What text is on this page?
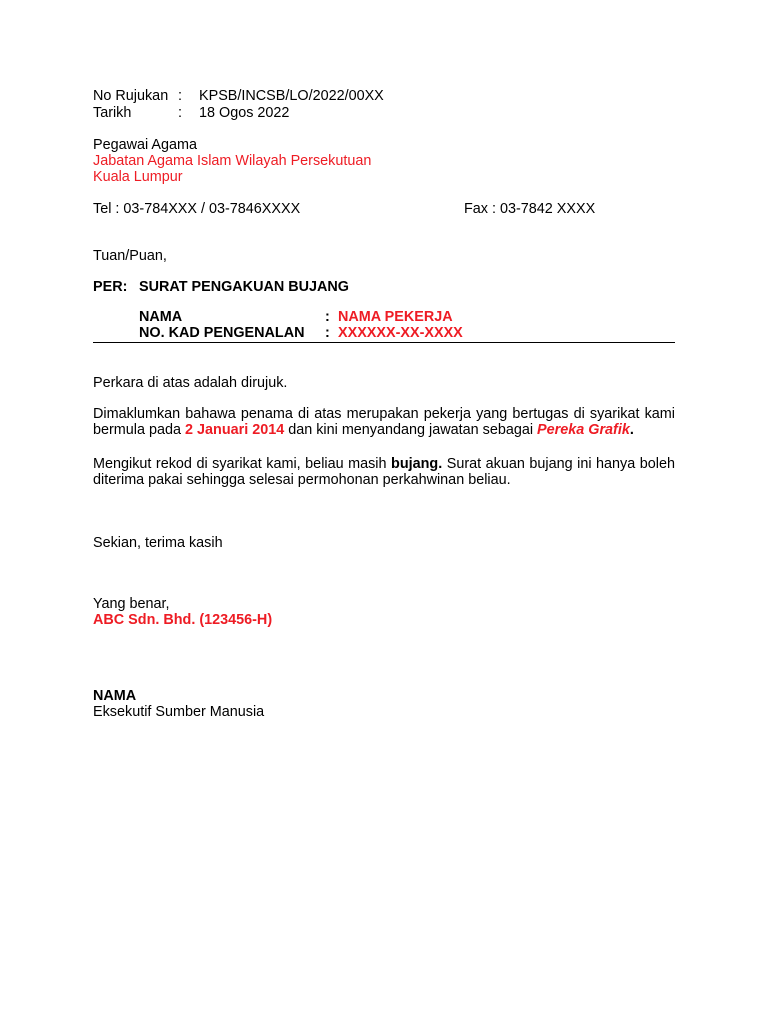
No Rujukan : KPSB/INCSB/LO/2022/00XX
Tarikh	: 18 Ogos 2022
Pegawai Agama
Jabatan Agama Islam Wilayah Persekutuan
Kuala Lumpur
Tel : 03-784XXX / 03-7846XXXX	Fax : 03-7842 XXXX
Tuan/Puan,
PER: SURAT PENGAKUAN BUJANG
NAMA	: NAMA PEKERJA
NO. KAD PENGENALAN : XXXXXX-XX-XXXX
Perkara di atas adalah dirujuk.
Dimaklumkan bahawa penama di atas merupakan pekerja yang bertugas di syarikat kami bermula pada 2 Januari 2014 dan kini menyandang jawatan sebagai Pereka Grafik.
Mengikut rekod di syarikat kami, beliau masih bujang. Surat akuan bujang ini hanya boleh diterima pakai sehingga selesai permohonan perkahwinan beliau.
Sekian, terima kasih
Yang benar,
ABC Sdn. Bhd. (123456-H)
NAMA
Eksekutif Sumber Manusia
